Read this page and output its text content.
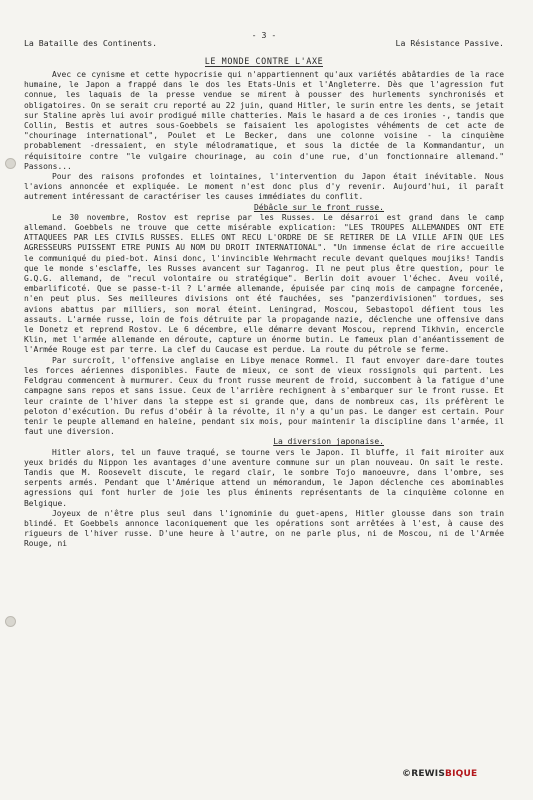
La Bataille des Continents.
- 3 -
La Résistance Passive.
LE MONDE CONTRE L'AXE

Avec ce cynisme et cette hypocrisie qui n'appartiennent qu'aux variétés abâtardies de la race humaine, le Japon a frappé dans le dos les Etats-Unis et l'Angleterre. Dès que l'agression fut connue, les laquais de la presse vendue se mirent à pousser des hurlements synchronisés et obligatoires. On se serait cru reporté au 22 juin, quand Hitler, le surin entre les dents, se jetait sur Staline après lui avoir prodigué mille chatteries. Mais le hasard a de ces ironies -, tandis que Collin, Bestis et autres sous-Goebbels se faisaient les apologistes véhéments de cet acte de "chourinage international", Poulet et Le Becker, dans une colonne voisine - la cinquième probablement -dressaient, en style mélodramatique, et sous la dictée de la Kommandantur, un réquisitoire contre "le vulgaire chourinage, au coin d'une rue, d'un fonctionnaire allemand." Passons...

Pour des raisons profondes et lointaines, l'intervention du Japon était inévitable. Nous l'avions annoncée et expliquée. Le moment n'est donc plus d'y revenir. Aujourd'hui, il paraît autrement intéressant de caractériser les causes immédiates du conflit.

Débâcle sur le front russe.

Le 30 novembre, Rostov est reprise par les Russes. Le désarroi est grand dans le camp allemand. Goebbels ne trouve que cette misérable explication: "LES TROUPES ALLEMANDES ONT ETE ATTAQUEES PAR LES CIVILS RUSSES. ELLES ONT RECU L'ORDRE DE SE RETIRER DE LA VILLE AFIN QUE LES AGRESSEURS PUISSENT ETRE PUNIS AU NOM DU DROIT INTERNATIONAL". "Un immense éclat de rire accueille le communiqué du pied-bot. Ainsi donc, l'invincible Wehrmacht recule devant quelques moujiks! Tandis que le monde s'esclaffe, les Russes avancent sur Taganrog. Il ne peut plus être question, pour le G.Q.G. allemand, de "recul volontaire ou stratégique". Berlin doit avouer l'échec. Aveu voilé, embarlificoté. Que se passe-t-il ? L'armée allemande, épuisée par cinq mois de campagne forcenée, n'en peut plus. Ses meilleures divisions ont été fauchées, ses "panzerdivisionen" tordues, ses avions abattus par milliers, son moral éteint. Leningrad, Moscou, Sebastopol défient tous les assauts. L'armée russe, loin de fois détruite par la propagande nazie, déclenche une offensive dans le Donetz et reprend Rostov. Le 6 décembre, elle démarre devant Moscou, reprend Tikhvin, encercle Klin, met l'armée allemande en déroute, capture un énorme butin. Le fameux plan d'anéantissement de l'Armée Rouge est par terre. La clef du Caucase est perdue. La route du pétrole se ferme.

Par surcroît, l'offensive anglaise en Libye menace Rommel. Il faut envoyer dare-dare toutes les forces aériennes disponibles. Faute de mieux, ce sont de vieux rossignols qui partent. Les Feldgrau commencent à murmurer. Ceux du front russe meurent de froid, succombent à la fatigue d'une campagne sans repos et sans issue. Ceux de l'arrière rechignent à s'embarquer sur le front russe. Et leur crainte de l'hiver dans la steppe est si grande que, dans de nombreux cas, ils préfèrent le peloton d'exécution. Du refus d'obéir à la révolte, il n'y a qu'un pas. Le danger est certain. Pour tenir le peuple allemand en haleine, pendant six mois, pour maintenir la discipline dans l'armée, il faut une diversion.

La diversion japonaise.

Hitler alors, tel un fauve traqué, se tourne vers le Japon. Il bluffe, il fait miroiter aux yeux bridés du Nippon les avantages d'une aventure commune sur un plan nouveau. On sait le reste. Tandis que M. Roosevelt discute, le regard clair, le sombre Tojo manoeuvre, dans l'ombre, ses serpents armés. Pendant que l'Amérique attend un mémorandum, le Japon déclenche ces abominables agressions qui font hurler de joie les plus éminents représentants de la cinquième colonne en Belgique.

Joyeux de n'être plus seul dans l'ignominie du guet-apens, Hitler glousse dans son train blindé. Et Goebbels annonce laconiquement que les opérations sont arrêtées à l'est, à cause des rigueurs de l'hiver russe. D'une heure à l'autre, on ne parle plus, ni de Moscou, ni de l'Armée Rouge, ni

©REWISBIQUE
